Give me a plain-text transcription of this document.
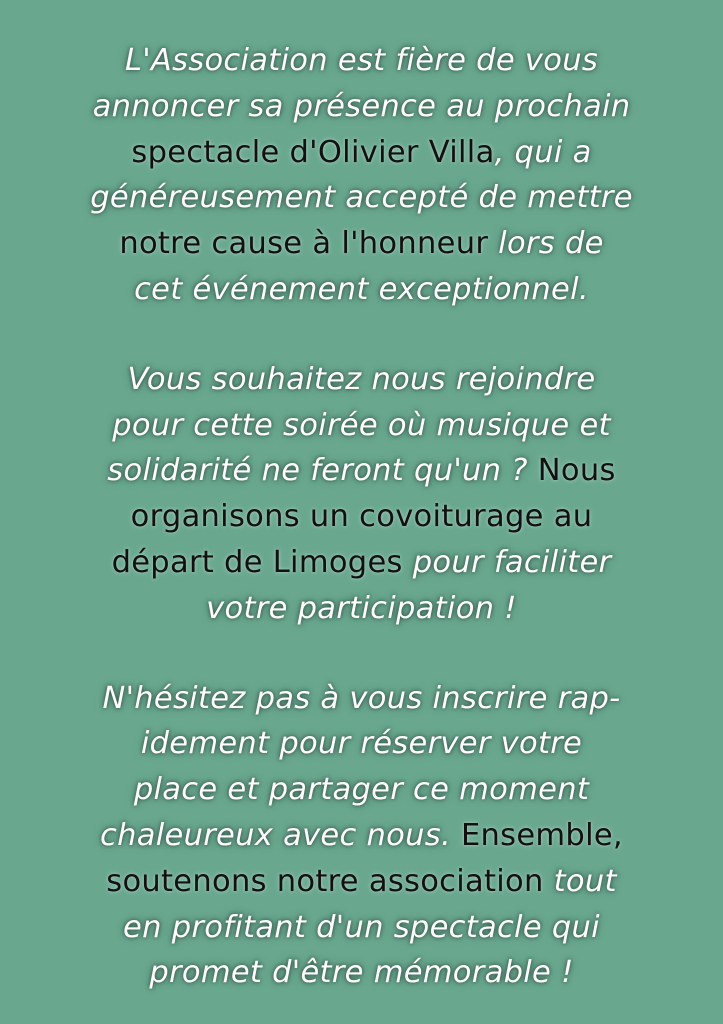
L'Association est fière de vous
annoncer sa présence au prochain
spectacle d'Olivier Villa, qui a
généreusement accepté de mettre
notre cause à l'honneur lors de
cet événement exceptionnel.

Vous souhaitez nous rejoindre
pour cette soirée où musique et
solidarité ne feront qu'un ? Nous
organisons un covoiturage au
départ de Limoges pour faciliter
votre participation !

N'hésitez pas à vous inscrire rap-
idement pour réserver votre
place et partager ce moment
chaleureux avec nous. Ensemble,
soutenons notre association tout
en profitant d'un spectacle qui
promet d'être mémorable !
